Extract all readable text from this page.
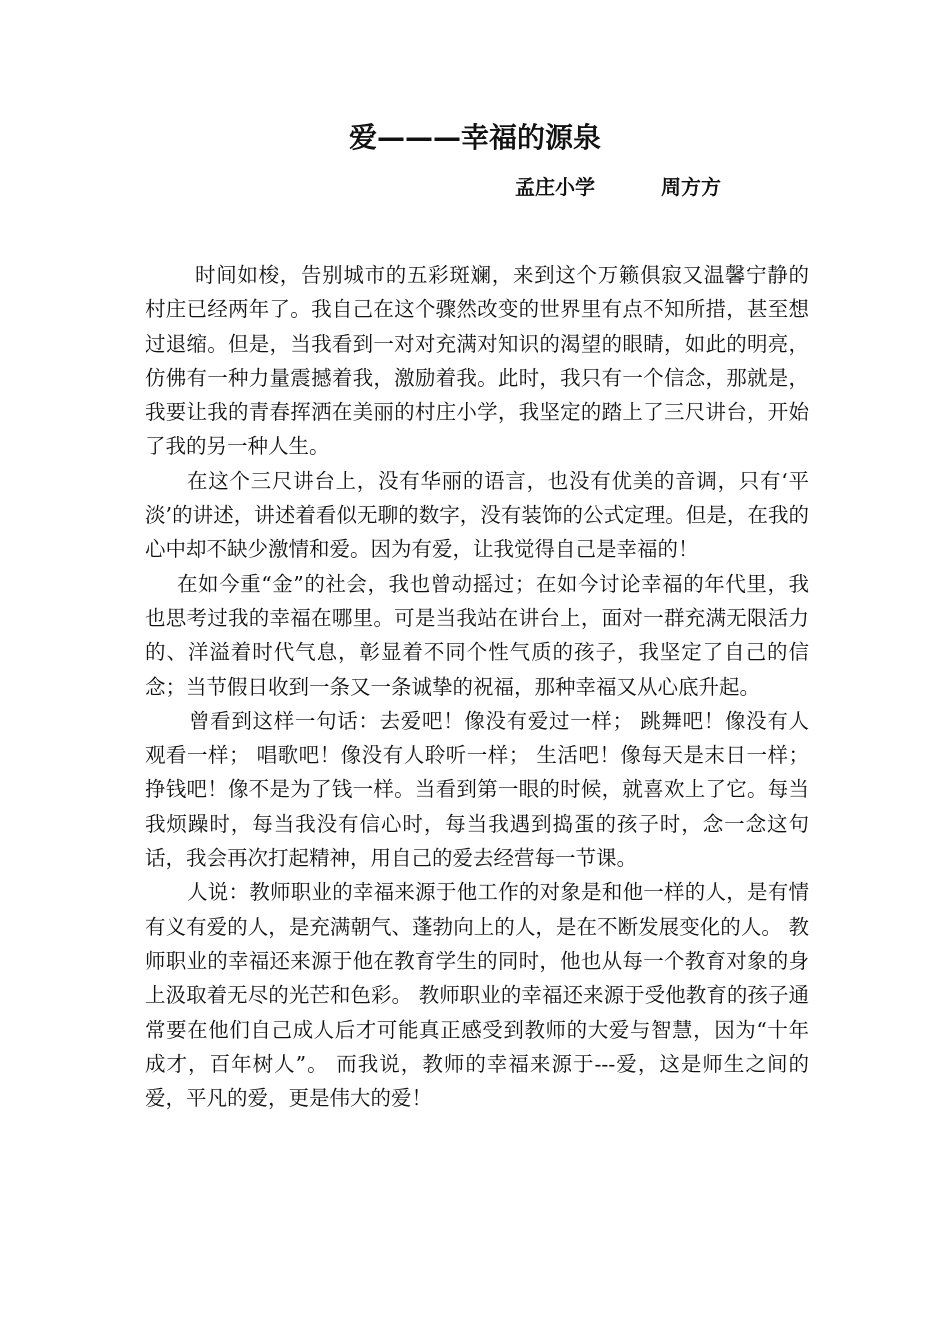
爱———幸福的源泉
孟庄小学	周方方

时间如梭，告别城市的五彩斑斓，来到这个万籁俱寂又温馨宁静的村庄已经两年了。我自己在这个骤然改变的世界里有点不知所措，甚至想过退缩。但是，当我看到一对对充满对知识的渴望的眼睛，如此的明亮，仿佛有一种力量震撼着我，激励着我。此时，我只有一个信念，那就是，我要让我的青春挥洒在美丽的村庄小学，我坚定的踏上了三尺讲台，开始了我的另一种人生。

在这个三尺讲台上，没有华丽的语言，也没有优美的音调，只有‘平淡’的讲述，讲述着看似无聊的数字，没有装饰的公式定理。但是，在我的心中却不缺少激情和爱。因为有爱，让我觉得自己是幸福的！

在如今重“金”的社会，我也曾动摇过；在如今讨论幸福的年代里，我也思考过我的幸福在哪里。可是当我站在讲台上，面对一群充满无限活力的、洋溢着时代气息，彰显着不同个性气质的孩子，我坚定了自己的信念；当节假日收到一条又一条诚挚的祝福，那种幸福又从心底升起。

曾看到这样一句话：去爱吧！像没有爱过一样； 跳舞吧！像没有人观看一样； 唱歌吧！像没有人聆听一样； 生活吧！像每天是末日一样； 挣钱吧！像不是为了钱一样。当看到第一眼的时候，就喜欢上了它。每当我烦躁时，每当我没有信心时，每当我遇到捣蛋的孩子时，念一念这句话，我会再次打起精神，用自己的爱去经营每一节课。

人说：教师职业的幸福来源于他工作的对象是和他一样的人，是有情有义有爱的人，是充满朝气、蓬勃向上的人，是在不断发展变化的人。 教师职业的幸福还来源于他在教育学生的同时，他也从每一个教育对象的身上汲取着无尽的光芒和色彩。 教师职业的幸福还来源于受他教育的孩子通常要在他们自己成人后才可能真正感受到教师的大爱与智慧，因为“十年成才，百年树人”。 而我说，教师的幸福来源于---爱，这是师生之间的爱，平凡的爱，更是伟大的爱！
